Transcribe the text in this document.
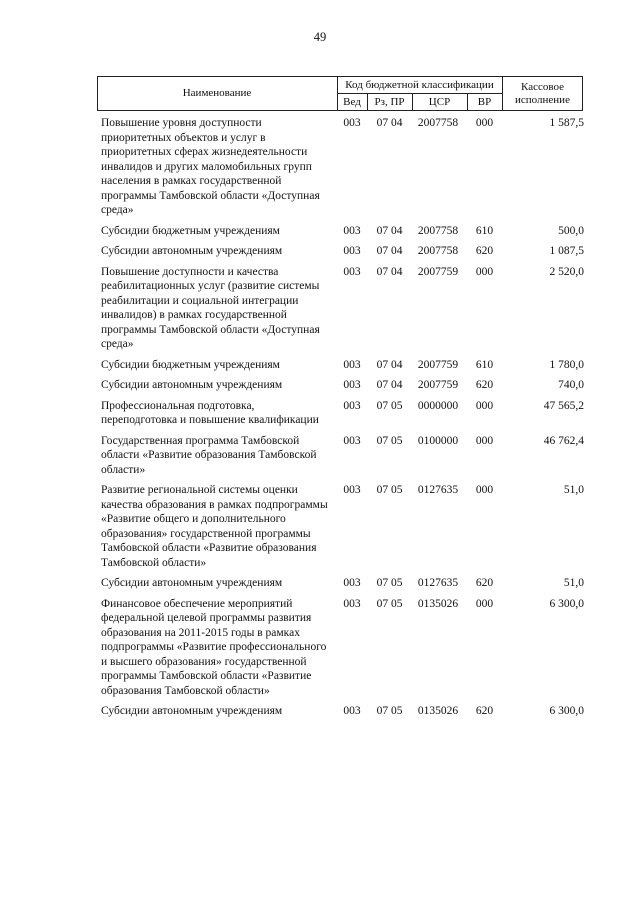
49
Наименование
Код бюджетной классификации
Вед	Рз, ПР	ЦСР	ВР
Кассовое
исполнение
Повышение уровня доступности приоритетных объектов и услуг в приоритетных сферах жизнедеятельности инвалидов и других маломобильных групп населения в рамках государственной программы Тамбовской области «Доступная среда»
003	07 04	2007758	000	1 587,5
Субсидии бюджетным учреждениям	003	07 04	2007758	610	500,0
Субсидии автономным учреждениям	003	07 04	2007758	620	1 087,5
Повышение доступности и качества реабилитационных услуг (развитие системы реабилитации и социальной интеграции инвалидов) в рамках государственной программы Тамбовской области «Доступная среда»
003	07 04	2007759	000	2 520,0
Субсидии бюджетным учреждениям	003	07 04	2007759	610	1 780,0
Субсидии автономным учреждениям	003	07 04	2007759	620	740,0
Профессиональная подготовка, переподготовка и повышение квалификации
003	07 05	0000000	000	47 565,2
Государственная программа Тамбовской области «Развитие образования Тамбовской области»
003	07 05	0100000	000	46 762,4
Развитие региональной системы оценки качества образования в рамках подпрограммы «Развитие общего и дополнительного образования» государственной программы Тамбовской области «Развитие образования Тамбовской области»
003	07 05	0127635	000	51,0
Субсидии автономным учреждениям	003	07 05	0127635	620	51,0
Финансовое обеспечение мероприятий федеральной целевой программы развития образования на 2011-2015 годы в рамках подпрограммы «Развитие профессионального и высшего образования» государственной программы Тамбовской области «Развитие образования Тамбовской области»
003	07 05	0135026	000	6 300,0
Субсидии автономным учреждениям	003	07 05	0135026	620	6 300,0
